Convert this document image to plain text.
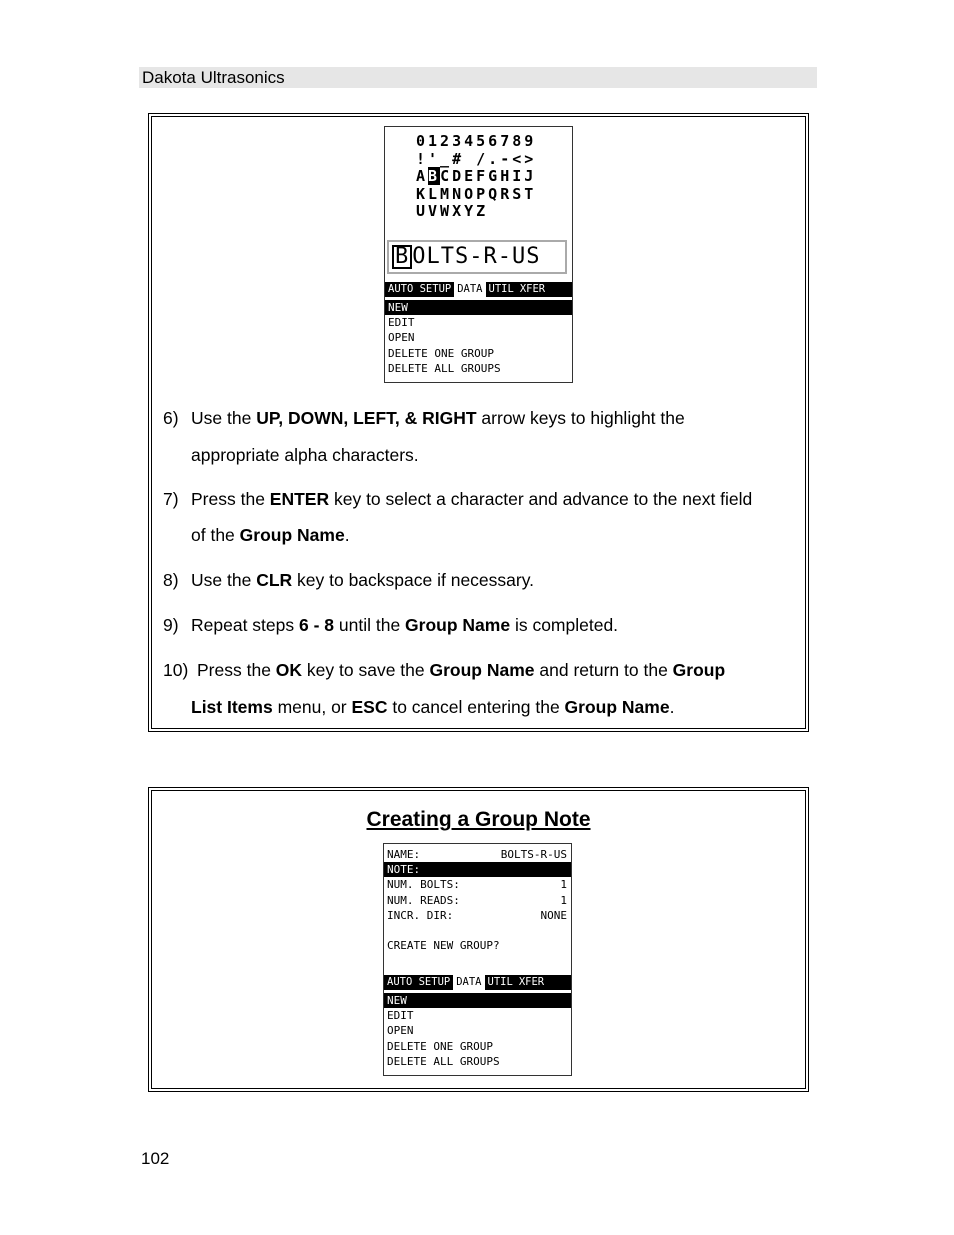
Dakota Ultrasonics
0123456789
!'_# /.-<>
ABCDEFGHIJ
KLMNOPQRST
UVWXYZ
B OLTS-R-US
AUTO SETUP DATA UTIL XFER
NEW
EDIT
OPEN
DELETE ONE GROUP
DELETE ALL GROUPS
6) Use the UP, DOWN, LEFT, & RIGHT arrow keys to highlight the
appropriate alpha characters.
7) Press the ENTER key to select a character and advance to the next field
of the Group Name.
8) Use the CLR key to backspace if necessary.
9) Repeat steps 6 - 8 until the Group Name is completed.
10) Press the OK key to save the Group Name and return to the Group
List Items menu, or ESC to cancel entering the Group Name.
Creating a Group Note
NAME:	BOLTS-R-US
NOTE:
NUM. BOLTS:	1
NUM. READS:	1
INCR. DIR:	NONE
CREATE NEW GROUP?
AUTO SETUP DATA UTIL XFER
NEW
EDIT
OPEN
DELETE ONE GROUP
DELETE ALL GROUPS
102
